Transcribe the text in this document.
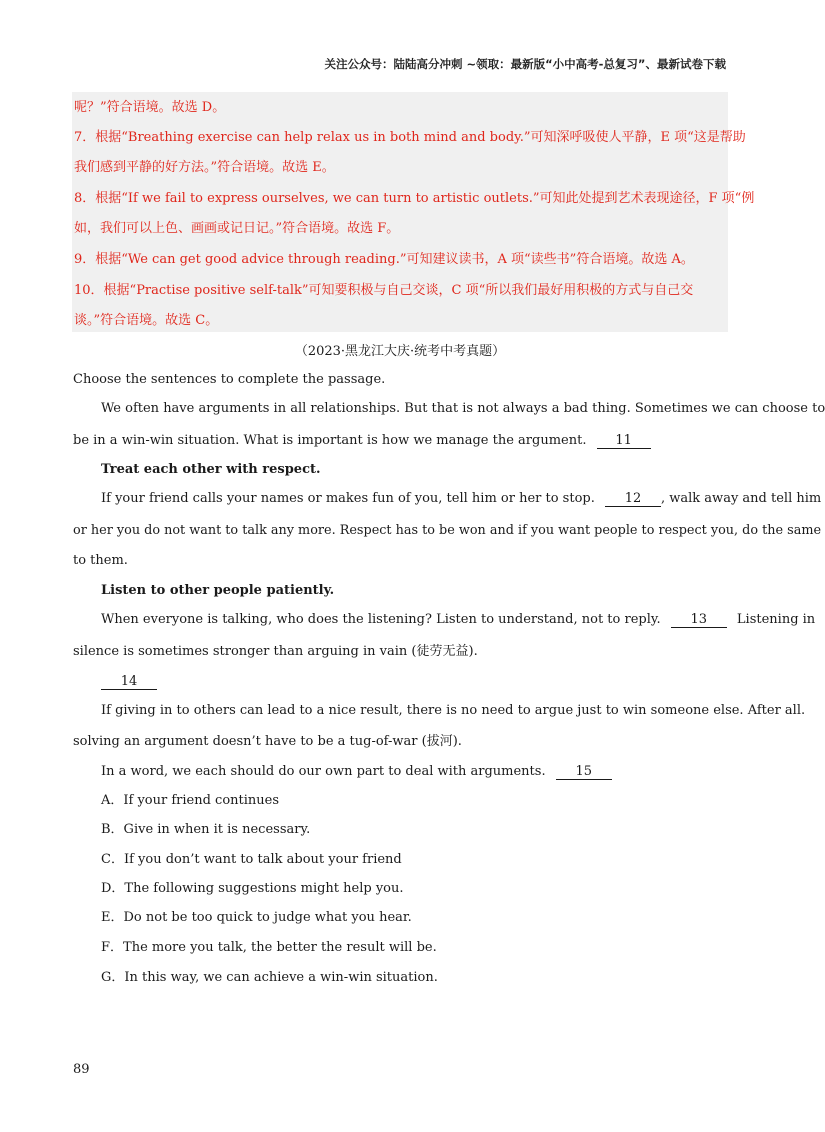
关注公众号：陆陆高分冲刺 ~领取：最新版“小中高考-总复习”、最新试卷下载
呢？”符合语境。故选 D。
7．根据“Breathing exercise can help relax us in both mind and body.”可知深呼吸使人平静，E 项“这是帮助
我们感到平静的好方法。”符合语境。故选 E。
8．根据“If we fail to express ourselves, we can turn to artistic outlets.”可知此处提到艺术表现途径，F 项“例
如，我们可以上色、画画或记日记。”符合语境。故选 F。
9．根据“We can get good advice through reading.”可知建议读书，A 项“读些书”符合语境。故选 A。
10．根据“Practise positive self-talk”可知要积极与自己交谈，C 项“所以我们最好用积极的方式与自己交
谈。”符合语境。故选 C。
（2023·黑龙江大庆·统考中考真题）
Choose the sentences to complete the passage.
We often have arguments in all relationships. But that is not always a bad thing. Sometimes we can choose to
be in a win-win situation. What is important is how we manage the argument. 11
Treat each other with respect.
If your friend calls your names or makes fun of you, tell him or her to stop. 12 , walk away and tell him
or her you do not want to talk any more. Respect has to be won and if you want people to respect you, do the same
to them.
Listen to other people patiently.
When everyone is talking, who does the listening? Listen to understand, not to reply. 13 Listening in
silence is sometimes stronger than arguing in vain (徒劳无益).
14
If giving in to others can lead to a nice result, there is no need to argue just to win someone else. After all.
solving an argument doesn’t have to be a tug-of-war (拔河).
In a word, we each should do our own part to deal with arguments. 15
A．If your friend continues
B．Give in when it is necessary.
C．If you don’t want to talk about your friend
D．The following suggestions might help you.
E．Do not be too quick to judge what you hear.
F．The more you talk, the better the result will be.
G．In this way, we can achieve a win-win situation.
89
